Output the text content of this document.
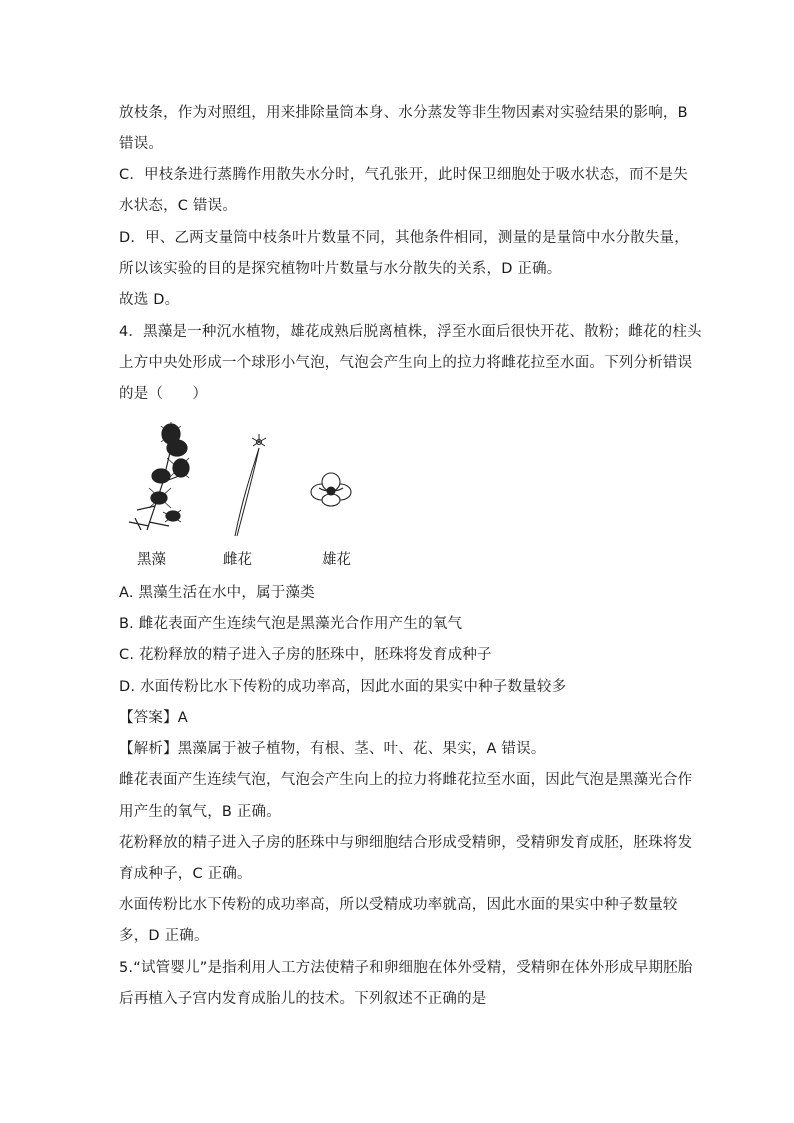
放枝条，作为对照组，用来排除量筒本身、水分蒸发等非生物因素对实验结果的影响，B
错误。
C．甲枝条进行蒸腾作用散失水分时，气孔张开，此时保卫细胞处于吸水状态，而不是失
水状态，C 错误。
D．甲、乙两支量筒中枝条叶片数量不同，其他条件相同，测量的是量筒中水分散失量，
所以该实验的目的是探究植物叶片数量与水分散失的关系，D 正确。
故选 D。
4．黑藻是一种沉水植物，雄花成熟后脱离植株，浮至水面后很快开花、散粉；雌花的柱头
上方中央处形成一个球形小气泡，气泡会产生向上的拉力将雌花拉至水面。下列分析错误
的是（　　）
黑藻	雌花	雄花
A. 黑藻生活在水中，属于藻类
B. 雌花表面产生连续气泡是黑藻光合作用产生的氧气
C. 花粉释放的精子进入子房的胚珠中，胚珠将发育成种子
D. 水面传粉比水下传粉的成功率高，因此水面的果实中种子数量较多
【答案】A
【解析】黑藻属于被子植物，有根、茎、叶、花、果实，A 错误。
雌花表面产生连续气泡，气泡会产生向上的拉力将雌花拉至水面，因此气泡是黑藻光合作
用产生的氧气，B 正确。
花粉释放的精子进入子房的胚珠中与卵细胞结合形成受精卵，受精卵发育成胚，胚珠将发
育成种子，C 正确。
水面传粉比水下传粉的成功率高，所以受精成功率就高，因此水面的果实中种子数量较
多，D 正确。
5.“试管婴儿”是指利用人工方法使精子和卵细胞在体外受精，受精卵在体外形成早期胚胎
后再植入子宫内发育成胎儿的技术。下列叙述不正确的是
